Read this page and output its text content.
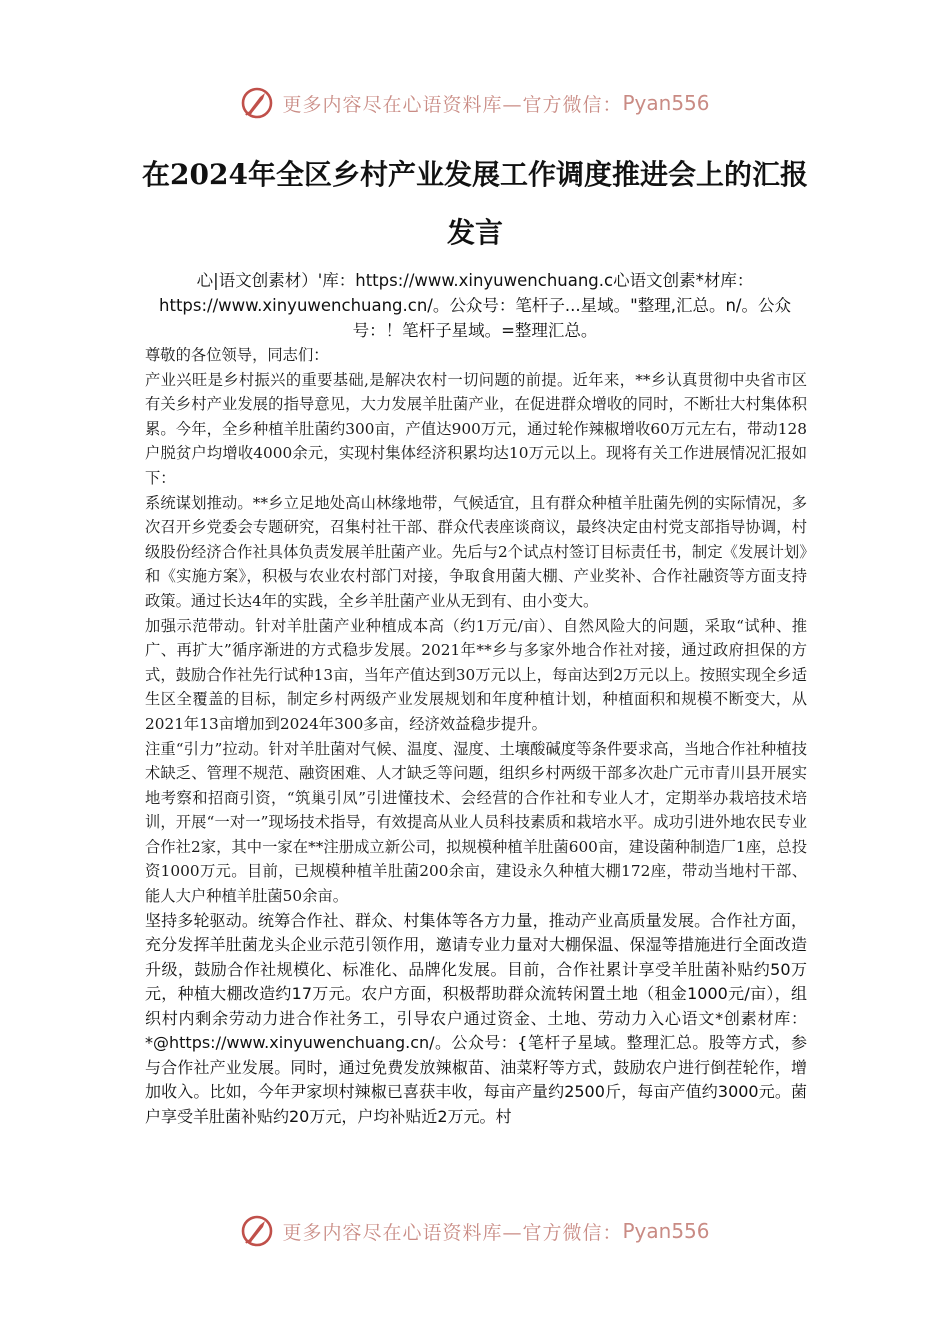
更多内容尽在心语资料库—官方微信： Pyan556
在2024年全区乡村产业发展工作调度推进会上的汇报发言
心|语文创素材）'库：https://www.xinyuwenchuang.c心语文创素*材库：https://www.xinyuwenchuang.cn/。公众号：笔杆子...星域。"整理,汇总。n/。公众号：！笔杆子星域。=整理汇总。

尊敬的各位领导，同志们：

产业兴旺是乡村振兴的重要基础,是解决农村一切问题的前提。近年来，**乡认真贯彻中央省市区有关乡村产业发展的指导意见，大力发展羊肚菌产业，在促进群众增收的同时，不断壮大村集体积累。今年，全乡种植羊肚菌约300亩，产值达900万元，通过轮作辣椒增收60万元左右，带动128户脱贫户均增收4000余元，实现村集体经济积累均达10万元以上。现将有关工作进展情况汇报如下：

系统谋划推动。**乡立足地处高山林缘地带，气候适宜，且有群众种植羊肚菌先例的实际情况，多次召开乡党委会专题研究，召集村社干部、群众代表座谈商议，最终决定由村党支部指导协调，村级股份经济合作社具体负责发展羊肚菌产业。先后与2个试点村签订目标责任书，制定《发展计划》和《实施方案》，积极与农业农村部门对接，争取食用菌大棚、产业奖补、合作社融资等方面支持政策。通过长达4年的实践，全乡羊肚菌产业从无到有、由小变大。

加强示范带动。针对羊肚菌产业种植成本高（约1万元/亩）、自然风险大的问题，采取“试种、推广、再扩大”循序渐进的方式稳步发展。2021年**乡与多家外地合作社对接，通过政府担保的方式，鼓励合作社先行试种13亩，当年产值达到30万元以上，每亩达到2万元以上。按照实现全乡适生区全覆盖的目标，制定乡村两级产业发展规划和年度种植计划，种植面积和规模不断变大，从2021年13亩增加到2024年300多亩，经济效益稳步提升。

注重“引力”拉动。针对羊肚菌对气候、温度、湿度、土壤酸碱度等条件要求高，当地合作社种植技术缺乏、管理不规范、融资困难、人才缺乏等问题，组织乡村两级干部多次赴广元市青川县开展实地考察和招商引资，“筑巢引凤”引进懂技术、会经营的合作社和专业人才，定期举办栽培技术培训，开展“一对一”现场技术指导，有效提高从业人员科技素质和栽培水平。成功引进外地农民专业合作社2家，其中一家在**注册成立新公司，拟规模种植羊肚菌600亩，建设菌种制造厂1座，总投资1000万元。目前，已规模种植羊肚菌200余亩，建设永久种植大棚172座，带动当地村干部、能人大户种植羊肚菌50余亩。

坚持多轮驱动。统筹合作社、群众、村集体等各方力量，推动产业高质量发展。合作社方面，充分发挥羊肚菌龙头企业示范引领作用，邀请专业力量对大棚保温、保湿等措施进行全面改造升级，鼓励合作社规模化、标准化、品牌化发展。目前，合作社累计享受羊肚菌补贴约50万元，种植大棚改造约17万元。农户方面，积极帮助群众流转闲置土地（租金1000元/亩），组织村内剩余劳动力进合作社务工，引导农户通过资金、土地、劳动力入心语文*创素材库：*@https://www.xinyuwenchuang.cn/。公众号：{笔杆子星域。整理汇总。股等方式，参与合作社产业发展。同时，通过免费发放辣椒苗、油菜籽等方式，鼓励农户进行倒茬轮作，增加收入。比如，今年尹家坝村辣椒已喜获丰收，每亩产量约2500斤，每亩产值约3000元。菌户享受羊肚菌补贴约20万元，户均补贴近2万元。村

更多内容尽在心语资料库—官方微信： Pyan556
